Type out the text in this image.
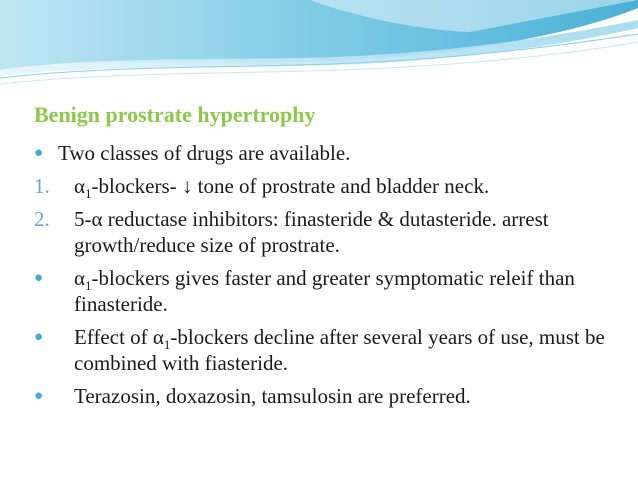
Benign prostrate hypertrophy
● Two classes of drugs are available.
1. $\alpha_1-blockers-$ ↓ tone of prostrate and bladder neck.
2. 5-α reductase inhibitors: finasteride & dutasteride. arrest growth/reduce size of prostrate.
● $\alpha_1$-blockers gives faster and greater symptomatic releif than finasteride.
● Effect of $\alpha_1$-blockers decline after several years of use, must be combined with fiasteride.
● Terazosin, doxazosin, tamsulosin are preferred.
